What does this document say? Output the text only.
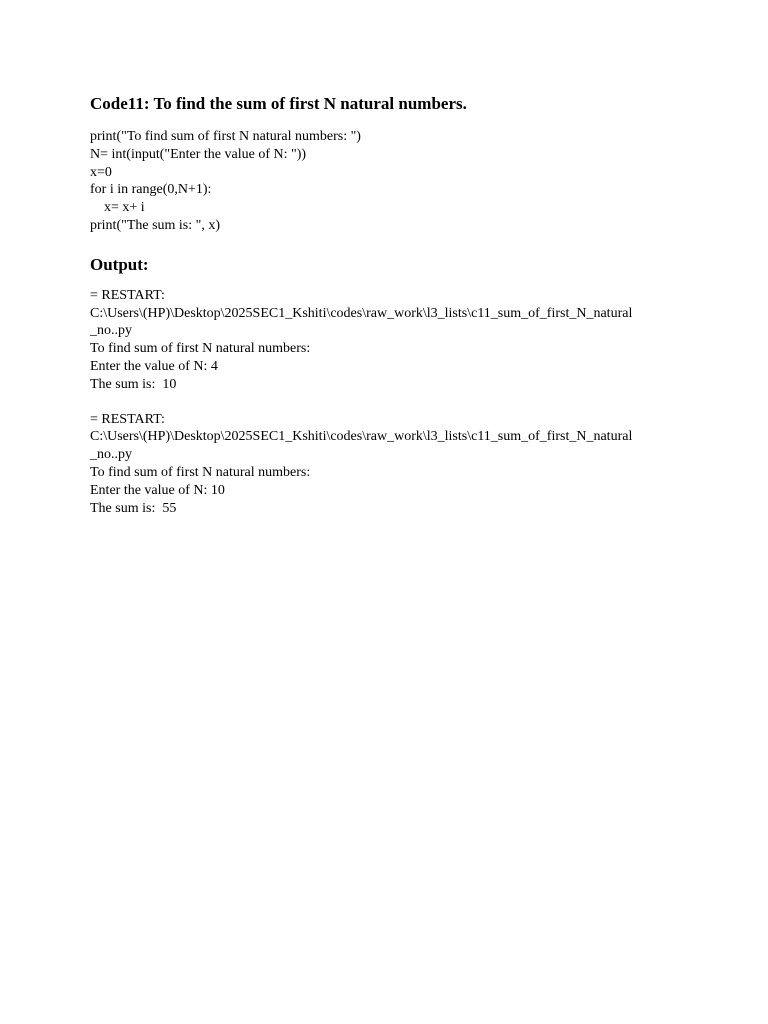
Code11: To find the sum of first N natural numbers.

print("To find sum of first N natural numbers: ")

N= int(input("Enter the value of N: "))

x=0

for i in range(0,N+1):

x= x+ i

print("The sum is: ", x)

Output:

= RESTART:

C:\Users\(HP)\Desktop\2025SEC1_Kshiti\codes\raw_work\l3_lists\c11_sum_of_first_N_natural

_no..py

To find sum of first N natural numbers:

Enter the value of N: 4

The sum is:  10

= RESTART:

C:\Users\(HP)\Desktop\2025SEC1_Kshiti\codes\raw_work\l3_lists\c11_sum_of_first_N_natural

_no..py

To find sum of first N natural numbers:

Enter the value of N: 10

The sum is:  55
